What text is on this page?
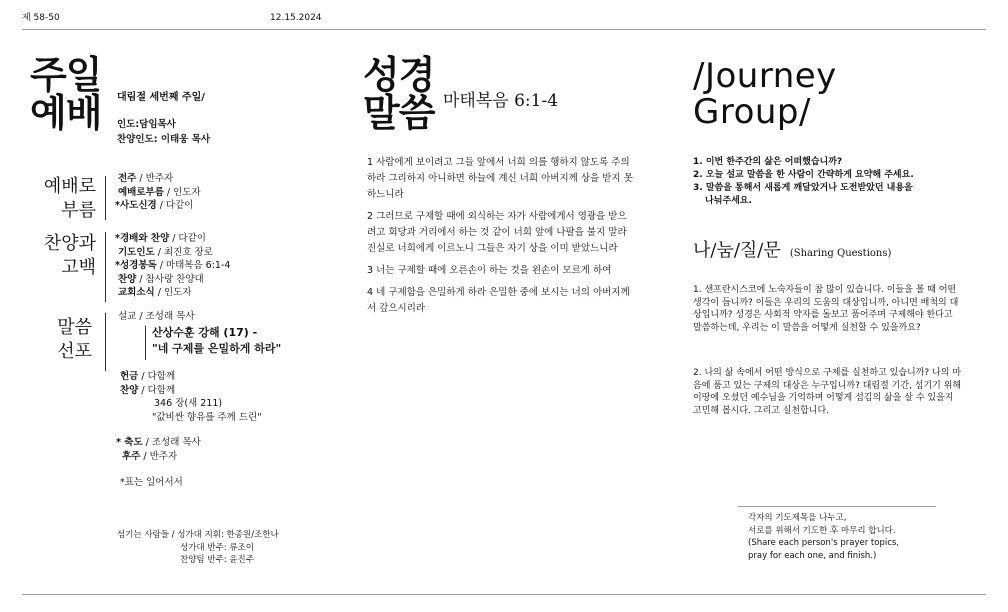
제 58-50	12.15.2024
주일
예배 대림절 세번째 주일/
인도:담임목사
찬양인도: 이태웅 목사
예배로
부름
전주 / 반주자
예배로부름 / 인도자
*사도신경 / 다같이
찬양과
고백
*경배와 찬양 / 다같이
기도인도 / 최진호 장로
*성경봉독 / 마태복음 6:1-4
찬양 / 참사랑 찬양대
교회소식 / 인도자
말씀
선포
설교 / 조성래 목사
산상수훈 강해 (17) -
"네 구제를 은밀하게 하라"
헌금 / 다함께
찬양 / 다함께
346 장(새 211)
"값비싼 향유를 주께 드린"
* 축도 / 조성래 목사
후주 / 반주자
*표는 일어서서
섬기는 사람들 / 성가대 지휘: 한종원/조한나
성가대 반주: 류조이
찬양팀 반주: 윤진주
성경
말씀 마태복음 6:1-4

1 사람에게 보이려고 그들 앞에서 너희 의를 행하지 않도록 주의하라 그리하지 아니하면 하늘에 계신 너희 아버지께 상을 받지 못하느니라

2 그러므로 구제할 때에 외식하는 자가 사람에게서 영광을 받으려고 회당과 거리에서 하는 것 같이 너희 앞에 나팔을 불지 말라 진실로 너희에게 이르노니 그들은 자기 상을 이미 받았느니라

3 너는 구제할 때에 오른손이 하는 것을 왼손이 모르게 하여

4 네 구제함을 은밀하게 하라 은밀한 중에 보시는 너의 아버지께서 갚으시리라

/Journey
Group/
1. 이번 한주간의 삶은 어떠했습니까?
2. 오늘 설교 말씀을 한 사람이 간략하게 요약해 주세요.
3. 말씀을 통해서 새롭게 깨달았거나 도전받았던 내용을
나눠주세요.
나/눔/질/문 (Sharing Questions)
1. 샌프란시스코에 노숙자들이 참 많이 있습니다. 이들을 볼 때 어떤 생각이 듭니까? 이들은 우리의 도움의 대상입니까, 아니면 배척의 대상입니까? 성경은 사회적 약자를 돌보고 품어주며 구제해야 한다고 말씀하는데, 우리는 이 말씀을 어떻게 실천할 수 있을까요?
2. 나의 삶 속에서 어떤 방식으로 구제를 실천하고 있습니까? 나의 마음에 품고 있는 구제의 대상은 누구입니까? 대림절 기간, 섬기기 위해 이땅에 오셨던 예수님을 기억하며 어떻게 섬김의 삶을 살 수 있을지 고민해 봅시다. 그리고 실천합니다.
각자의 기도제목을 나누고,
서로를 위해서 기도한 후 마무리 합니다.
(Share each person's prayer topics,
pray for each one, and finish.)
